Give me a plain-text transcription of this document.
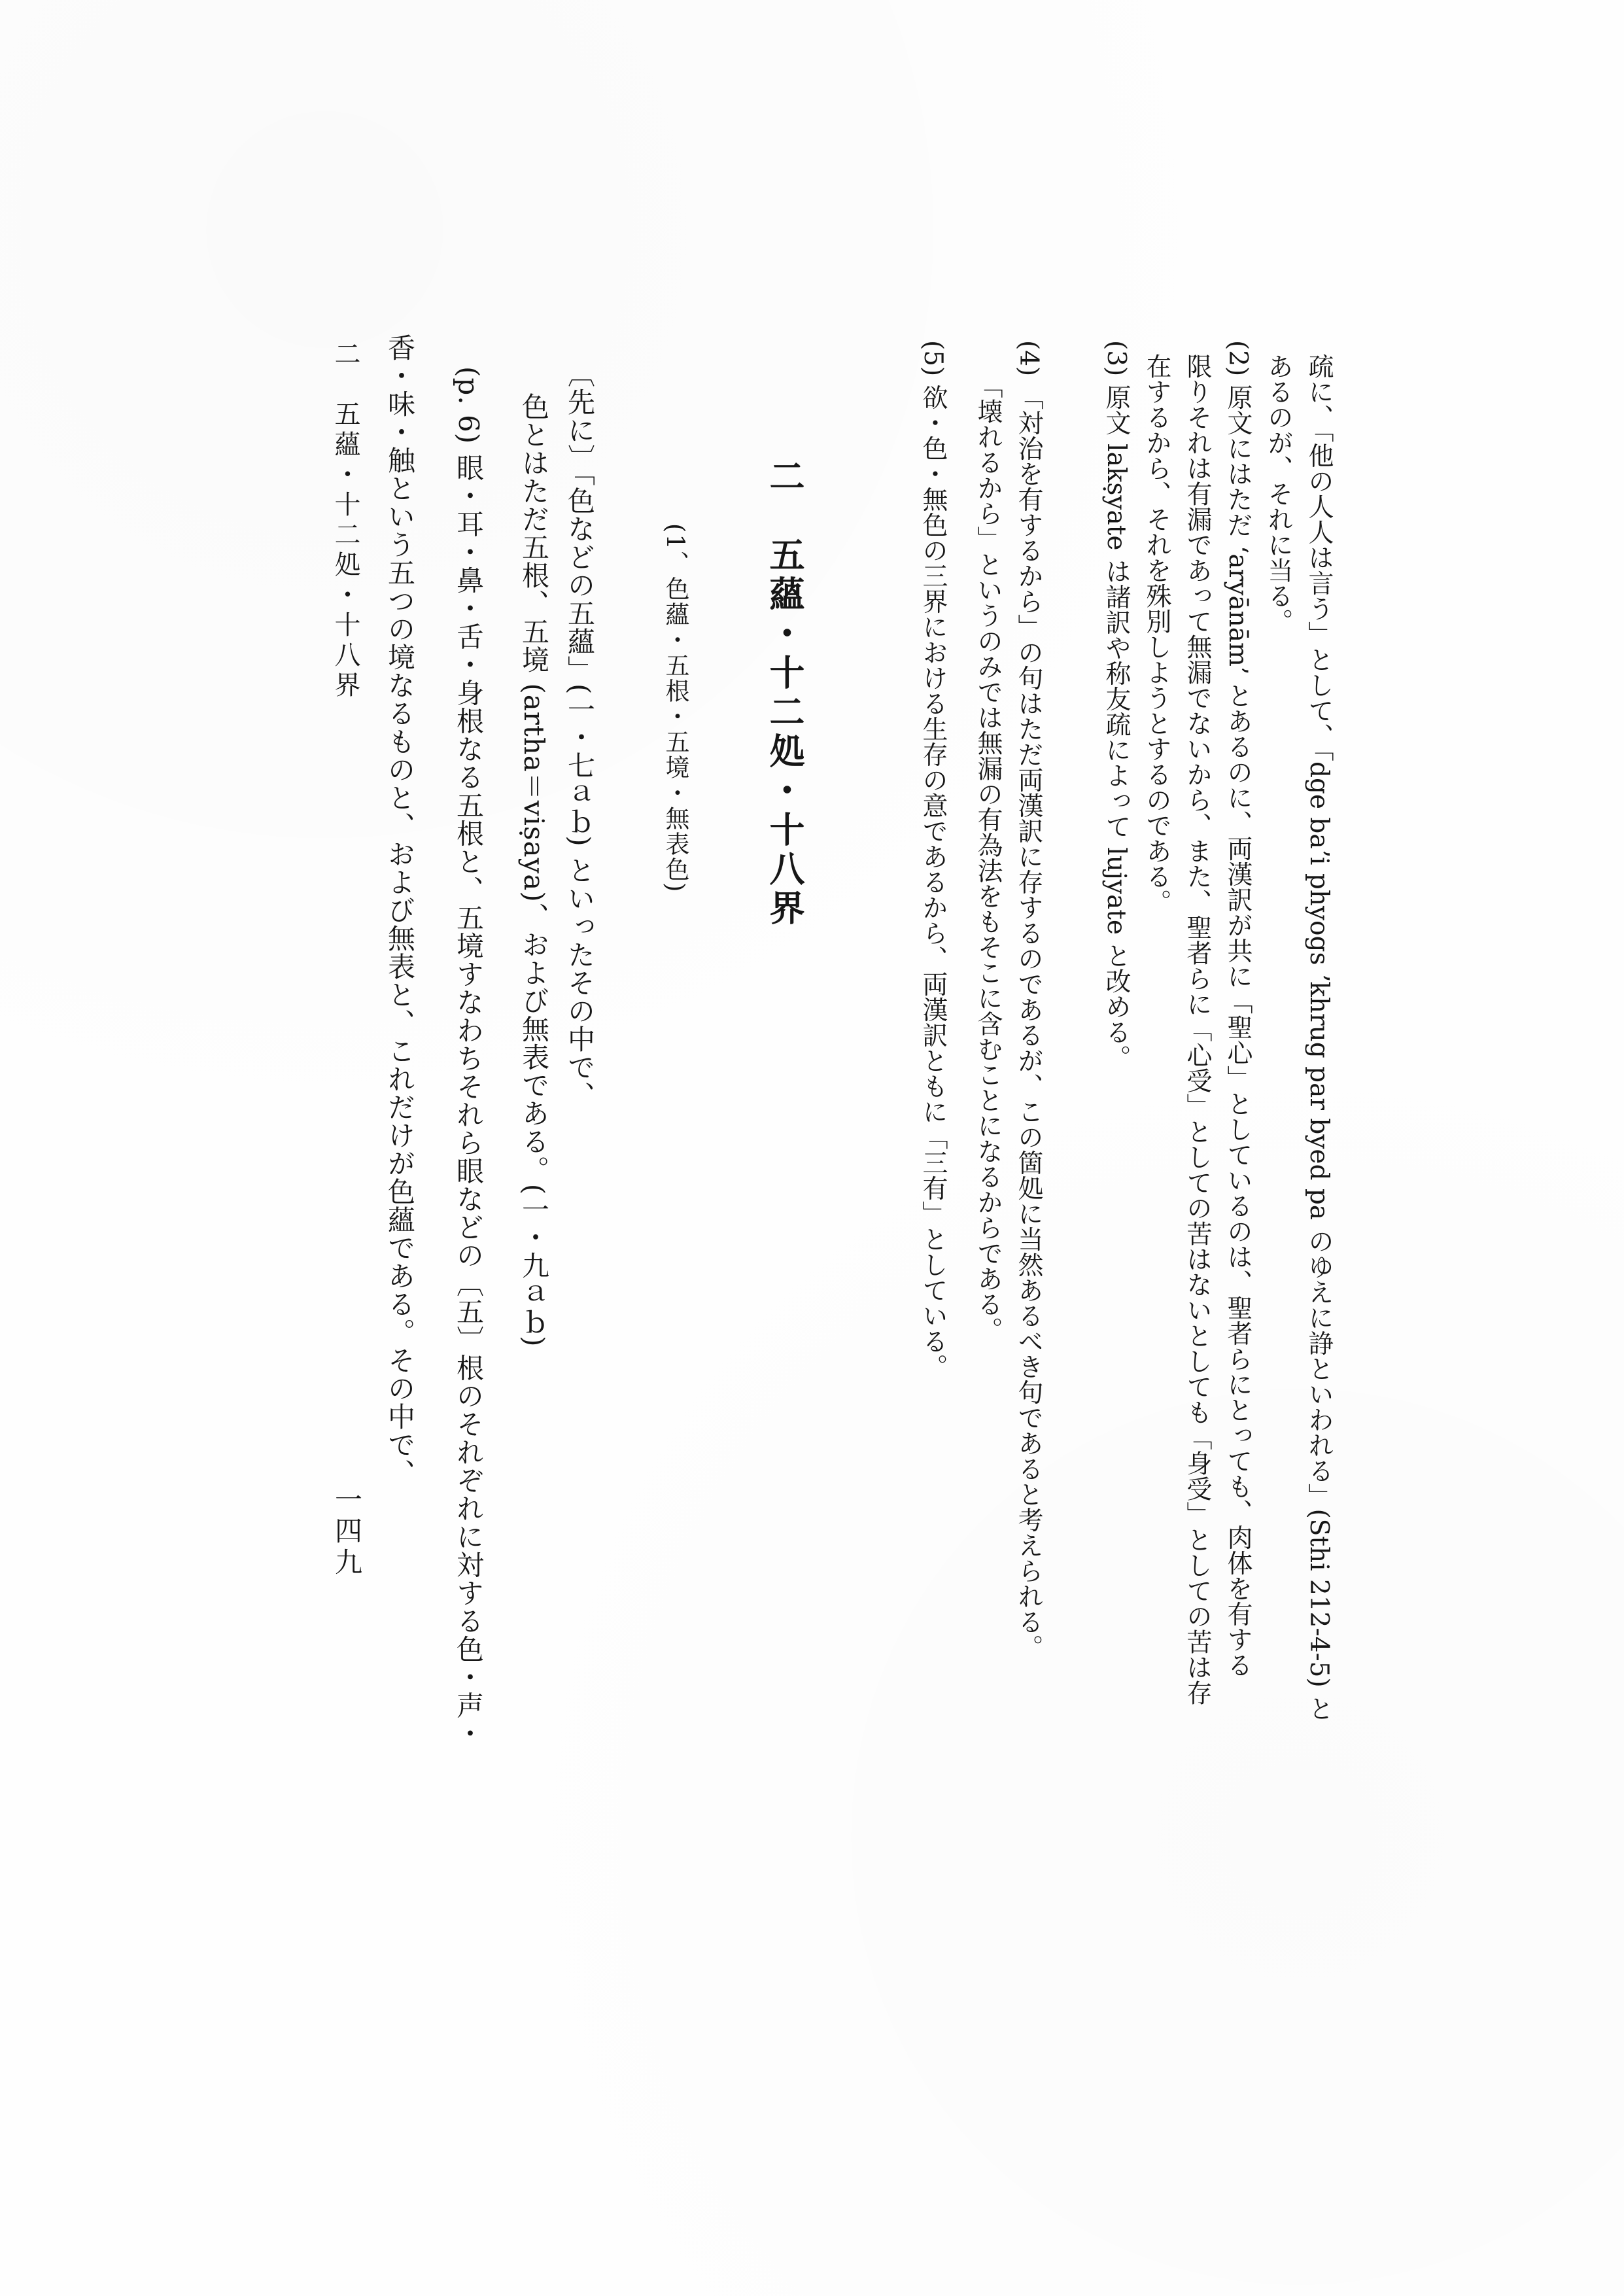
疏に、「他の人人は言う」として、「dge baʼi phyogs ʼkhrug par byed pa のゆえに諍といわれる」(Sthi 212-4-5) と
あるのが、それに当る。
(2) 原文にはただ ‘aryānām’ とあるのに、両漢訳が共に「聖心」としているのは、聖者らにとっても、肉体を有する
限りそれは有漏であって無漏でないから、また、聖者らに「心受」としての苦はないとしても「身受」としての苦は存
在するから、それを殊別しようとするのである。
(3) 原文 lakṣyate は諸訳や称友疏によって lujyate と改める。
(4) 「対治を有するから」の句はただ両漢訳に存するのであるが、この箇処に当然あるべき句であると考えられる。
「壊れるから」というのみでは無漏の有為法をもそこに含むことになるからである。
(5) 欲・色・無色の三界における生存の意であるから、両漢訳ともに「三有」としている。
二　五蘊・十二処・十八界
(1、色蘊・五根・五境・無表色)
〔先に〕「色などの五蘊」(一・七ａｂ) といったその中で、
色とはただ五根、五境 (artha＝viṣaya)、および無表である。(一・九ａｂ)
(p. 6) 眼・耳・鼻・舌・身根なる五根と、五境すなわちそれら眼などの〔五〕根のそれぞれに対する色・声・
香・味・触という五つの境なるものと、および無表と、これだけが色蘊である。その中で、
二　五蘊・十二処・十八界
一四九
